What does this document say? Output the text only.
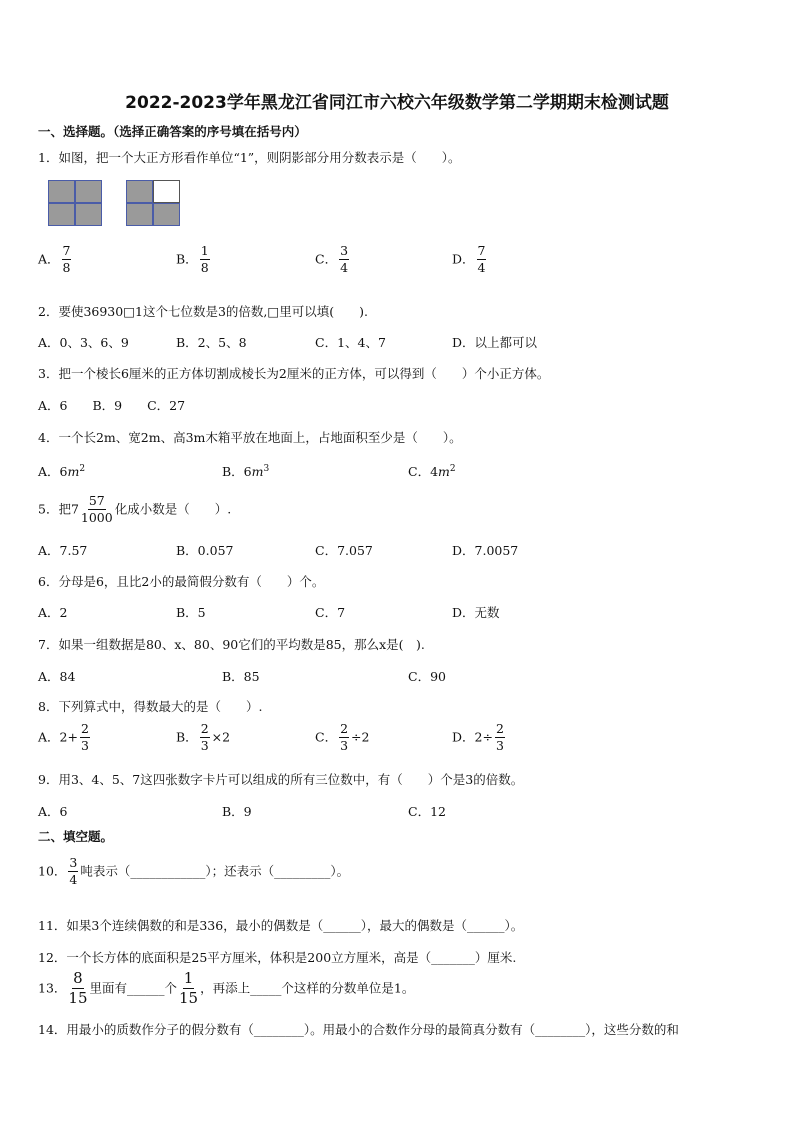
2022-2023学年黑龙江省同江市六校六年级数学第二学期期末检测试题
一、选择题。（选择正确答案的序号填在括号内）
1．如图，把一个大正方形看作单位“1”，则阴影部分用分数表示是（　　）。
A． $\frac{7}{8}$	B． $\frac{1}{8}$	C． $\frac{3}{4}$	D． $\frac{7}{4}$
2．要使36930□1这个七位数是3的倍数,□里可以填(　　).
A．0、3、6、9	B．2、5、8	C．1、4、7	D．以上都可以
3．把一个棱长6厘米的正方体切割成棱长为2厘米的正方体，可以得到（　　）个小正方体。
A．6　　B．9　　C．27
4．一个长2m、宽2m、高3m木箱平放在地面上，占地面积至少是（　　）。
A．$6m^2$	B．$6m^3$	C．$4m^2$
5．把$7 \frac{57}{1000}$ 化成小数是（　　）.
A．7.57	B．0.057	C．7.057	D．7.0057
6．分母是6，且比2小的最简假分数有（　　）个。
A．2	B．5	C．7	D．无数
7．如果一组数据是80、x、80、90它们的平均数是85，那么x是(　).
A．84	B．85	C．90
8．下列算式中，得数最大的是（　　）.
A．$2+ \frac{2}{3}$	B． $\frac{2}{3} \times 2$	C． $\frac{2}{3} \div 2$	D．$2\div \frac{2}{3}$
9．用3、4、5、7这四张数字卡片可以组成的所有三位数中，有（　　）个是3的倍数。
A．6	B．9	C．12
二、填空题。
10． $\frac{3}{4}$ 吨表示（____________）；还表示（_________）。
11．如果3个连续偶数的和是336，最小的偶数是（______），最大的偶数是（______）。
12．一个长方体的底面积是25平方厘米，体积是200立方厘米，高是（_______）厘米.
13． $\frac{8}{15}$ 里面有______个 $\frac{1}{15}$ ，再添上_____个这样的分数单位是1。
14．用最小的质数作分子的假分数有（________）。用最小的合数作分母的最简真分数有（________），这些分数的和
